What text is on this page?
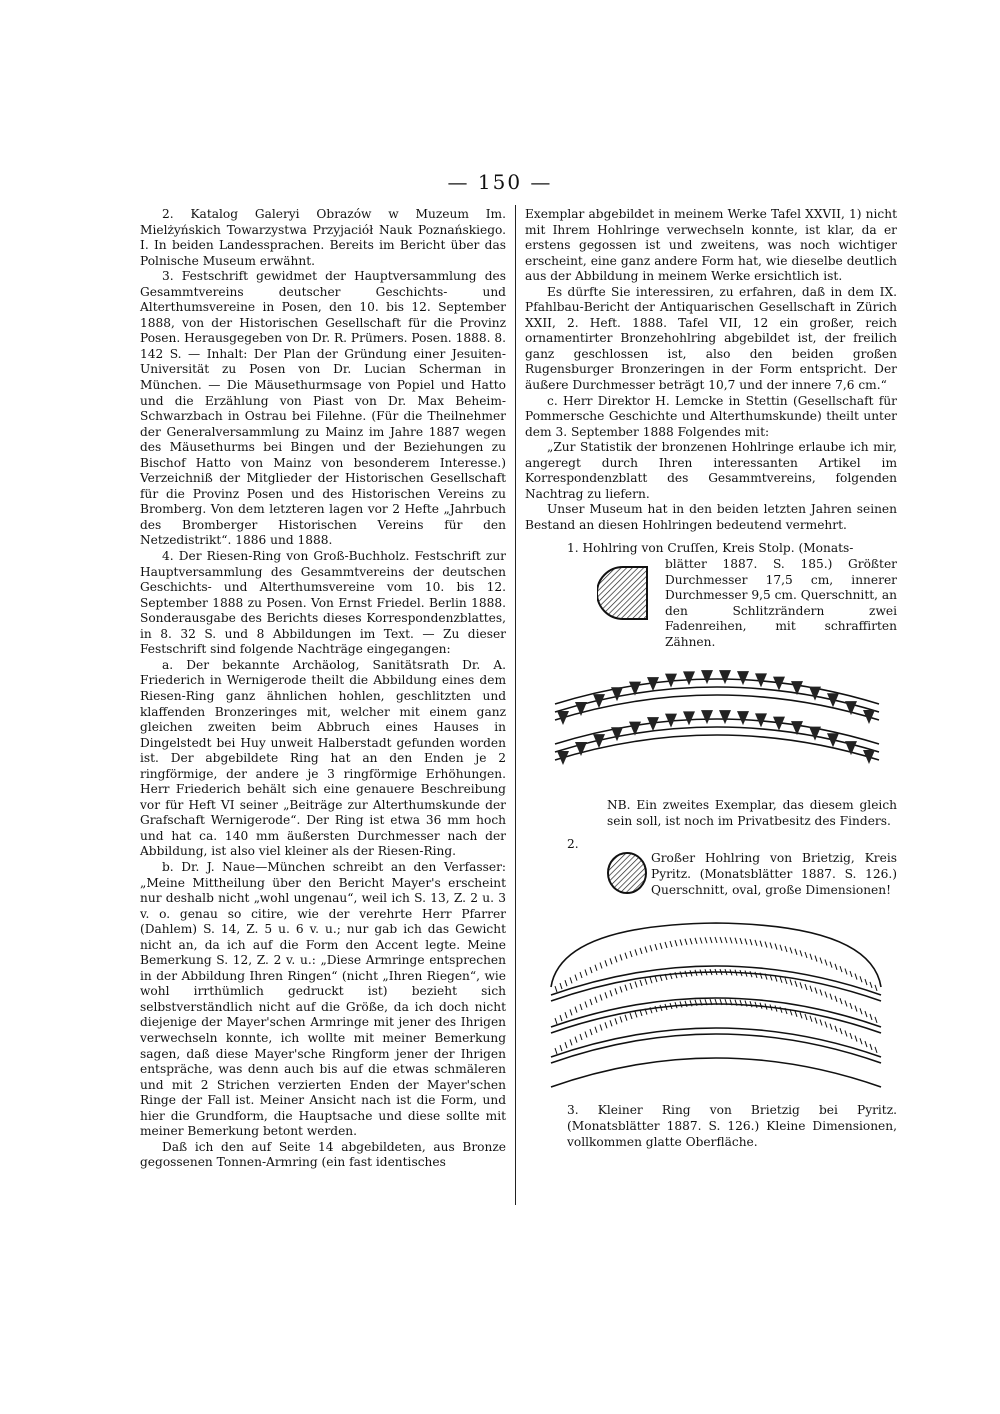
— 150 —

2. Katalog Galeryi Obrazów w Muzeum Im. Mielżyńskich Towarzystwa Przyjaciół Nauk Poznańskiego. I. In beiden Landessprachen. Bereits im Bericht über das Polnische Museum erwähnt.

3. Festschrift gewidmet der Hauptversammlung des Gesammtvereins deutscher Geschichts- und Alterthumsvereine in Posen, den 10. bis 12. September 1888, von der Historischen Gesellschaft für die Provinz Posen. Herausgegeben von Dr. R. Prümers. Posen. 1888. 8. 142 S. — Inhalt: Der Plan der Gründung einer Jesuiten-Universität zu Posen von Dr. Lucian Scherman in München. — Die Mäusethurmsage von Popiel und Hatto und die Erzählung von Piast von Dr. Max Beheim-Schwarzbach in Ostrau bei Filehne. (Für die Theilnehmer der Generalversammlung zu Mainz im Jahre 1887 wegen des Mäusethurms bei Bingen und der Beziehungen zu Bischof Hatto von Mainz von besonderem Interesse.) Verzeichniß der Mitglieder der Historischen Gesellschaft für die Provinz Posen und des Historischen Vereins zu Bromberg. Von dem letzteren lagen vor 2 Hefte „Jahrbuch des Bromberger Historischen Vereins für den Netzedistrikt“. 1886 und 1888.

4. Der Riesen-Ring von Groß-Buchholz. Festschrift zur Hauptversammlung des Gesammtvereins der deutschen Geschichts- und Alterthumsvereine vom 10. bis 12. September 1888 zu Posen. Von Ernst Friedel. Berlin 1888. Sonderausgabe des Berichts dieses Korrespondenzblattes, in 8. 32 S. und 8 Abbildungen im Text. — Zu dieser Festschrift sind folgende Nachträge eingegangen:

a. Der bekannte Archäolog, Sanitätsrath Dr. A. Friederich in Wernigerode theilt die Abbildung eines dem Riesen-Ring ganz ähnlichen hohlen, geschlitzten und klaffenden Bronzeringes mit, welcher mit einem ganz gleichen zweiten beim Abbruch eines Hauses in Dingelstedt bei Huy unweit Halberstadt gefunden worden ist. Der abgebildete Ring hat an den Enden je 2 ringförmige, der andere je 3 ringförmige Erhöhungen. Herr Friederich behält sich eine genauere Beschreibung vor für Heft VI seiner „Beiträge zur Alterthumskunde der Grafschaft Wernigerode“. Der Ring ist etwa 36 mm hoch und hat ca. 140 mm äußersten Durchmesser nach der Abbildung, ist also viel kleiner als der Riesen-Ring.

b. Dr. J. Naue—München schreibt an den Verfasser: „Meine Mittheilung über den Bericht Mayer's erscheint nur deshalb nicht „wohl ungenau“, weil ich S. 13, Z. 2 u. 3 v. o. genau so citire, wie der verehrte Herr Pfarrer (Dahlem) S. 14, Z. 5 u. 6 v. u.; nur gab ich das Gewicht nicht an, da ich auf die Form den Accent legte. Meine Bemerkung S. 12, Z. 2 v. u.: „Diese Armringe entsprechen in der Abbildung Ihren Ringen“ (nicht „Ihren Riegen“, wie wohl irrthümlich gedruckt ist) bezieht sich selbstverständlich nicht auf die Größe, da ich doch nicht diejenige der Mayer'schen Armringe mit jener des Ihrigen verwechseln konnte, ich wollte mit meiner Bemerkung sagen, daß diese Mayer'sche Ringform jener der Ihrigen entspräche, was denn auch bis auf die etwas schmäleren und mit 2 Strichen verzierten Enden der Mayer'schen Ringe der Fall ist. Meiner Ansicht nach ist die Form, und hier die Grundform, die Hauptsache und diese sollte mit meiner Bemerkung betont werden.

Daß ich den auf Seite 14 abgebildeten, aus Bronze gegossenen Tonnen-Armring (ein fast identisches

Exemplar abgebildet in meinem Werke Tafel XXVII, 1) nicht mit Ihrem Hohlringe verwechseln konnte, ist klar, da er erstens gegossen ist und zweitens, was noch wichtiger erscheint, eine ganz andere Form hat, wie dieselbe deutlich aus der Abbildung in meinem Werke ersichtlich ist.

Es dürfte Sie interessiren, zu erfahren, daß in dem IX. Pfahlbau-Bericht der Antiquarischen Gesellschaft in Zürich XXII, 2. Heft. 1888. Tafel VII, 12 ein großer, reich ornamentirter Bronzehohlring abgebildet ist, der freilich ganz geschlossen ist, also den beiden großen Rugensburger Bronzeringen in der Form entspricht. Der äußere Durchmesser beträgt 10,7 und der innere 7,6 cm.“

c. Herr Direktor H. Lemcke in Stettin (Gesellschaft für Pommersche Geschichte und Alterthumskunde) theilt unter dem 3. September 1888 Folgendes mit:

„Zur Statistik der bronzenen Hohlringe erlaube ich mir, angeregt durch Ihren interessanten Artikel im Korrespondenzblatt des Gesammtvereins, folgenden Nachtrag zu liefern.

Unser Museum hat in den beiden letzten Jahren seinen Bestand an diesen Hohlringen bedeutend vermehrt.

1. Hohlring von Cruſſen, Kreis Stolp. (Monats-

blätter 1887. S. 185.) Größter Durchmesser 17,5 cm, innerer Durchmesser 9,5 cm. Querschnitt, an den Schlitzrändern zwei Fadenreihen, mit schraffirten Zähnen.

NB. Ein zweites Exemplar, das diesem gleich sein soll, ist noch im Privatbesitz des Finders.

2.

Großer Hohlring von Brietzig, Kreis Pyritz. (Monatsblätter 1887. S. 126.) Querschnitt, oval, große Dimensionen!

3. Kleiner Ring von Brietzig bei Pyritz. (Monatsblätter 1887. S. 126.) Kleine Dimensionen, vollkommen glatte Oberfläche.
